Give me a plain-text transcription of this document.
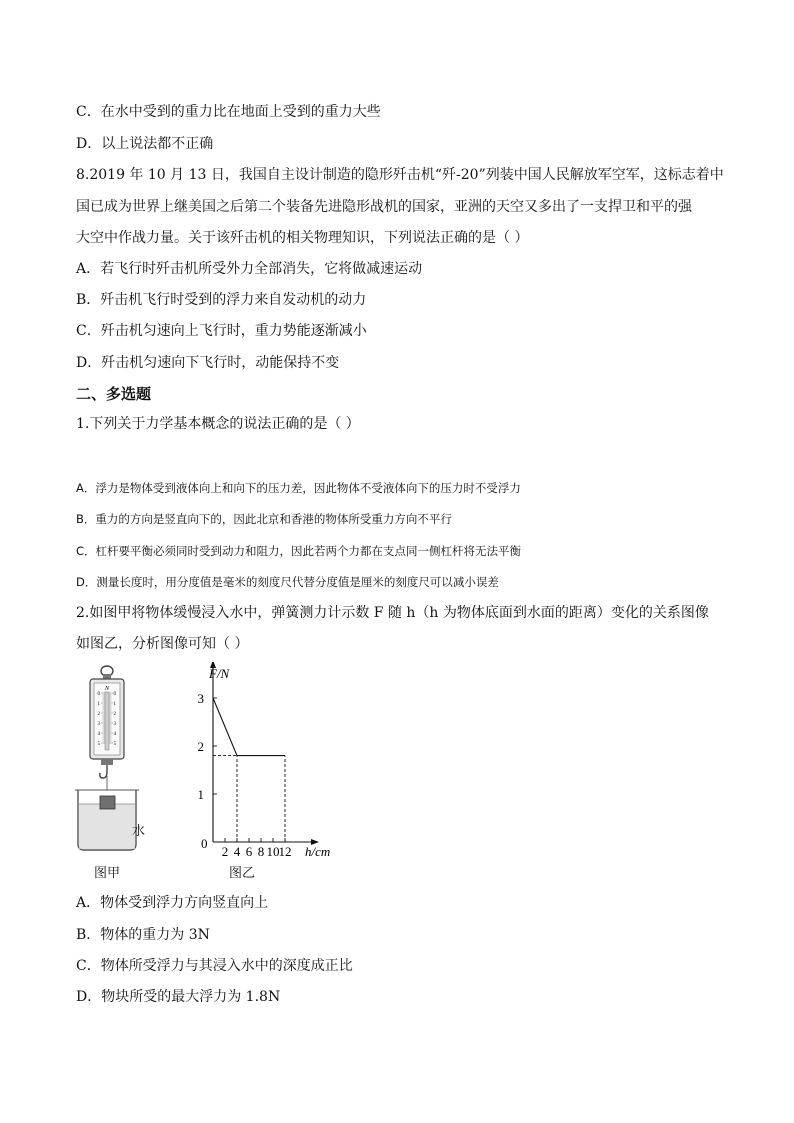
C．在水中受到的重力比在地面上受到的重力大些
D．以上说法都不正确
8.2019 年 10 月 13 日，我国自主设计制造的隐形歼击机“歼-20”列装中国人民解放军空军，这标志着中
国已成为世界上继美国之后第二个装备先进隐形战机的国家，亚洲的天空又多出了一支捍卫和平的强
大空中作战力量。关于该歼击机的相关物理知识，下列说法正确的是（ ）
A．若飞行时歼击机所受外力全部消失，它将做减速运动
B．歼击机飞行时受到的浮力来自发动机的动力
C．歼击机匀速向上飞行时，重力势能逐渐减小
D．歼击机匀速向下飞行时，动能保持不变
二、多选题
1.下列关于力学基本概念的说法正确的是（ ）
A．浮力是物体受到液体向上和向下的压力差，因此物体不受液体向下的压力时不受浮力
B．重力的方向是竖直向下的，因此北京和香港的物体所受重力方向不平行
C．杠杆要平衡必须同时受到动力和阻力，因此若两个力都在支点同一侧杠杆将无法平衡
D．测量长度时，用分度值是毫米的刻度尺代替分度值是厘米的刻度尺可以减小误差
2.如图甲将物体缓慢浸入水中，弹簧测力计示数 F 随 h（h 为物体底面到水面的距离）变化的关系图像
如图乙，分析图像可知（ ）
N
0
1
2
3
4
5
0
1
2
3
4
5
水
图甲
2 4 6 8 10 12
1
2
3
F/N
h/cm
0
图乙
A．物体受到浮力方向竖直向上
B．物体的重力为 3N
C．物体所受浮力与其浸入水中的深度成正比
D．物块所受的最大浮力为 1.8N
